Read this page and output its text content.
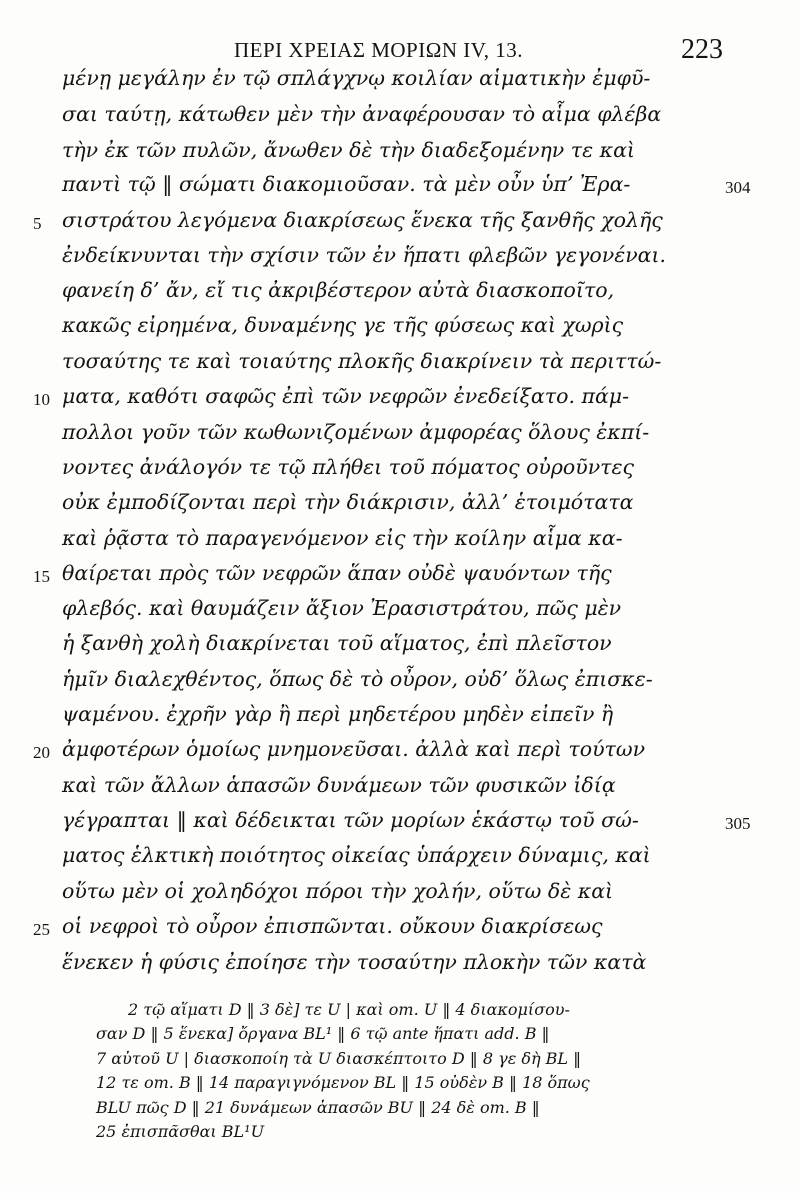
ΠΕΡΙ ΧΡΕΙΑΣ ΜΟΡΙΩΝ IV, 13.	223
μένῃ μεγάλην ἐν τῷ σπλάγχνῳ κοιλίαν αἱματικὴν ἐμφῦ-
σαι ταύτῃ, κάτωθεν μὲν τὴν ἀναφέρουσαν τὸ αἷμα φλέβα
τὴν ἐκ τῶν πυλῶν, ἄνωθεν δὲ τὴν διαδεξομένην τε καὶ
παντὶ τῷ ‖ σώματι διακομιοῦσαν. τὰ μὲν οὖν ὑπ’ Ἐρα-
σιστράτου λεγόμενα διακρίσεως ἕνεκα τῆς ξανθῆς χολῆς
ἐνδείκνυνται τὴν σχίσιν τῶν ἐν ἥπατι φλεβῶν γεγονέναι.
φανείη δ’ ἄν, εἴ τις ἀκριβέστερον αὐτὰ διασκοποῖτο,
κακῶς εἰρημένα, δυναμένης γε τῆς φύσεως καὶ χωρὶς
τοσαύτης τε καὶ τοιαύτης πλοκῆς διακρίνειν τὰ περιττώ-
ματα, καθότι σαφῶς ἐπὶ τῶν νεφρῶν ἐνεδείξατο. πάμ-
πολλοι γοῦν τῶν κωθωνιζομένων ἀμφορέας ὅλους ἐκπί-
νοντες ἀνάλογόν τε τῷ πλήθει τοῦ πόματος οὐροῦντες
οὐκ ἐμποδίζονται περὶ τὴν διάκρισιν, ἀλλ’ ἑτοιμότατα
καὶ ῥᾷστα τὸ παραγενόμενον εἰς τὴν κοίλην αἷμα κα-
θαίρεται πρὸς τῶν νεφρῶν ἅπαν οὐδὲ ψαυόντων τῆς
φλεβός. καὶ θαυμάζειν ἄξιον Ἐρασιστράτου, πῶς μὲν
ἡ ξανθὴ χολὴ διακρίνεται τοῦ αἵματος, ἐπὶ πλεῖστον
ἡμῖν διαλεχθέντος, ὅπως δὲ τὸ οὖρον, οὐδ’ ὅλως ἐπισκε-
ψαμένου. ἐχρῆν γὰρ ἢ περὶ μηδετέρου μηδὲν εἰπεῖν ἢ
ἀμφοτέρων ὁμοίως μνημονεῦσαι. ἀλλὰ καὶ περὶ τούτων
καὶ τῶν ἄλλων ἁπασῶν δυνάμεων τῶν φυσικῶν ἰδίᾳ
γέγραπται ‖ καὶ δέδεικται τῶν μορίων ἑκάστῳ τοῦ σώ-
ματος ἑλκτικὴ ποιότητος οἰκείας ὑπάρχειν δύναμις, καὶ
οὕτω μὲν οἱ χοληδόχοι πόροι τὴν χολήν, οὕτω δὲ καὶ
οἱ νεφροὶ τὸ οὖρον ἐπισπῶνται. οὔκουν διακρίσεως
ἕνεκεν ἡ φύσις ἐποίησε τὴν τοσαύτην πλοκὴν τῶν κατὰ
5
10
15
20
25
304
305
2 τῷ αἵματι D ‖ 3 δὲ] τε U | καὶ om. U ‖ 4 διακομίσου-
σαν D ‖ 5 ἕνεκα] ὄργανα BL¹ ‖ 6 τῷ ante ἥπατι add. B ‖
7 αὐτοῦ U | διασκοποίη τὰ U διασκέπτοιτο D ‖ 8 γε δὴ BL ‖
12 τε om. B ‖ 14 παραγιγνόμενον BL ‖ 15 οὐδὲν B ‖ 18 ὅπως
BLU πῶς D ‖ 21 δυνάμεων ἁπασῶν BU ‖ 24 δὲ om. B ‖
25 ἐπισπᾶσθαι BL¹U
